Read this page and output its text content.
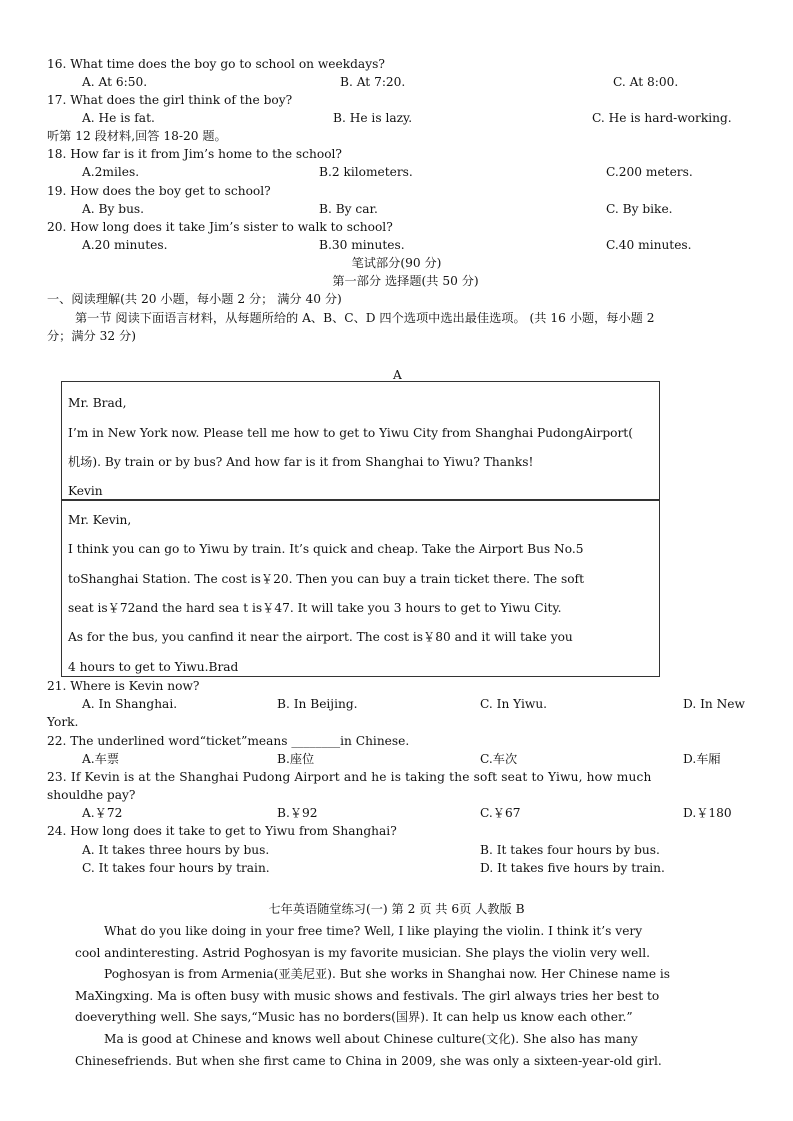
16. What time does the boy go to school on weekdays?
A. At 6:50.	B. At 7:20.	C. At 8:00.
17. What does the girl think of the boy?
A. He is fat.	B. He is lazy.	C. He is hard-working.
听第 12 段材料,回答 18-20 题。
18. How far is it from Jim’s home to the school?
A.2miles.	B.2 kilometers.	C.200 meters.
19. How does the boy get to school?
A. By bus.	B. By car.	C. By bike.
20. How long does it take Jim’s sister to walk to school?
A.20 minutes.	B.30 minutes.	C.40 minutes.
笔试部分(90 分)
第一部分 选择题(共 50 分)
一、阅读理解(共 20 小题，每小题 2 分； 满分 40 分)
第一节 阅读下面语言材料，从每题所给的 A、B、C、D 四个选项中选出最佳选项。 (共 16 小题，每小题 2
分；满分 32 分)
A
Mr. Brad,
I’m in New York now. Please tell me how to get to Yiwu City from Shanghai PudongAirport(
机场). By train or by bus? And how far is it from Shanghai to Yiwu? Thanks!
Kevin
Mr. Kevin,
I think you can go to Yiwu by train. It’s quick and cheap. Take the Airport Bus No.5
toShanghai Station. The cost is￥20. Then you can buy a train ticket there. The soft
seat is￥72and the hard sea t is￥47. It will take you 3 hours to get to Yiwu City.
As for the bus, you canfind it near the airport. The cost is￥80 and it will take you
4 hours to get to Yiwu.Brad
21. Where is Kevin now?
A. In Shanghai.	B. In Beijing.	C. In Yiwu.	D. In New
York.
22. The underlined word“ticket”means ________in Chinese.
A.车票	B.座位	C.车次	D.车厢
23. If Kevin is at the Shanghai Pudong Airport and he is taking the soft seat to Yiwu, how much
shouldhe pay?
A.￥72	B.￥92	C.￥67	D.￥180
24. How long does it take to get to Yiwu from Shanghai?
A. It takes three hours by bus.	B. It takes four hours by bus.
C. It takes four hours by train.	D. It takes five hours by train.
七年英语随堂练习(一) 第 2 页 共 6页 人教版 B
What do you like doing in your free time? Well, I like playing the violin. I think it’s very
cool andinteresting. Astrid Poghosyan is my favorite musician. She plays the violin very well.
Poghosyan is from Armenia(亚美尼亚). But she works in Shanghai now. Her Chinese name is
MaXingxing. Ma is often busy with music shows and festivals. The girl always tries her best to
doeverything well. She says,“Music has no borders(国界). It can help us know each other.”
Ma is good at Chinese and knows well about Chinese culture(文化). She also has many
Chinesefriends. But when she first came to China in 2009, she was only a sixteen-year-old girl.
